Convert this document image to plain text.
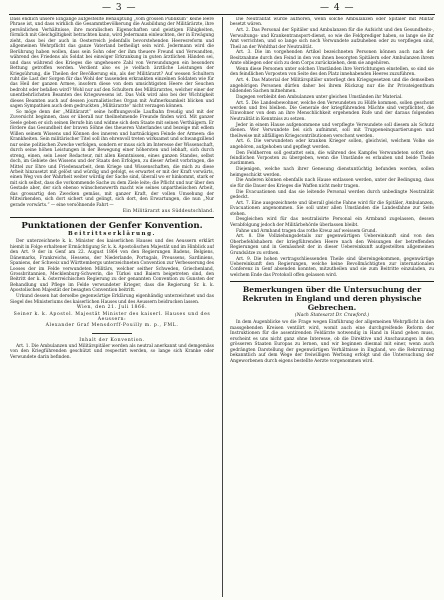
— 3 —	— 4 —

Dass endlich unsere Eingänge aufgestellte Behauptung „vom grossen Publikum“ keine leere Phrase ist, und dass wirklich die Gesammtbevölkerung die Ausbildung der Militärärzte, ihre persönlichen Verhältnisse, ihre moralischen Eigenschaften und geistigen Fähigkeiten, förmlich mit Gleichgiltigkeit betrachten kann, wird Jedermann einleuchten, der in Erwägung zieht, dass bei der auch in Oesterreich jedenfalls bevorstehenden Heeresreform und allgemeinen Wehrpflicht das ganze Vaterland betheiligt sein wird. Jedermann wird die Berührung haben wollen, dass sein Sohn oder der ihm theuere Freund und Verwandten, während des Friedens als Soldat bei einwiger Erkrankung in guten ärztlichen Händen sei, und dass während des Krieges die ungeheuere Zahl von Verwundungen ein besonders Bettung getroffen werden. Verdient also es je vielfach ärztliche Leistungen der Kriegsührung, die Theilen der Bevölkerung ein, als der Militärarzt? Auf wessen Schultern ruht die Last der Sorgen für das Wohl der tausenden erkrankten einzelnen Soldaten wie für das Heil der ganzen Armee, insofern diese von dem umsichtigsten Heere der Seuchen bedroht oder befallen wird? Wohl nur auf den Schultern des Militärarztes, welcher einer der unentbehrlichsten Beamten des Kriegswesens ist. Das Volk wird also bei der Wichtigkeit dieses Beamten auch auf dessen journalistisches Organ mit Aufmerksamkeit blicken und sagen Sympathien auch dem gedruckten „Militärarzte“ nicht verzagen können.

So möge denn der „Militärarzt“ seine hoffnungsvolle Laufbahn freudig und mit der Zuversicht beginnen, dass er überall nur theilnehmende Freunde finden wird. Mit ganzer Seele geben er sich seinen Berufe hin und widme sich dem Staate mit seinen Verthäigern. Er fördere das Gesundheit der braven Söhne des theueren Vaterlandes und bezeige mit edlem Willen seinem Wissens und Können des inneren und hartnäckigen Feinde der Armeen: die Krankheiten. Sein militärischer Titel soll ihn ehrenvoll treten wirksamst und schwangzillend nur seine politischen Zwecke verfolgen, sondern er muss sich im Interesse der Wissenschaft, durch seine höhen Leistungen in der Bewegung einer höhersten und lebhaft, sich durch streng, einen, sein Leser Redacteur, mit allen Kenntnissen, eines ganzen Standes, selbst doch, im Gebiete des Wissens und der Staats den Erfolgen, zu dieser Arbeit vorbringen, die Mittel zur Ehre und Friedensarbeit, dem Kriege und Wissenschaften, die mich zu diese Arbeit hinzusetzt mit gelöst und würdig und gefolgt, es erwartet er mit der Kraft vorwärts, einen Weg von der Wahrheit weiter würdig der Sache sind, überall wo er hinkommt, stark er mit sich selbst, dass die vorkommende Sache zu dem Ziele leite; die Pflicht und nur über den Gestade aber, der sich ebenso wünschenswerth macht wie seines unpartheiischen Arbeit, das grossartig den Zwecken gemäss, mit ganzer Kraft, der vollen Umsehung der Mitwirkenden, sich dort sichert und gelingt, sich dort, den Erwartungen, die nun „Nur gerade vorwärts.“ — eine versöhnende Fahrt —

Ein Militärarzt aus Süddeutschland.

Punktationen der Genfer Konvention.
Beitrittserklärung.

Der unterzeichnete k. k. Minister des kaiserlichen Hauses und des Aeussern erklärt hiemit in Folge erhaltener Ermächtigung Sr. k. k. Apostolischen Majestät und im Hinblick auf den Art. 9 der in Genf am 22. August 1864 von den Regierungen Badens, Belgiens, Dänemarks, Frankreichs, Hessens, der Niederlande, Portugals, Preussens, Sardiniens, Spaniens, der Schweiz und Württembergs unterzeichneten Convention zur Verbesserung des Looses der im Felde verwundeten Militärs, welcher seither Schweden, Griechenland, Grossbritannien, Mecklenburg-Schwerin, die Türkei und Baiern beigetreten sind, den Beitritt der k. k. österreichischen Regierung zu der genannten Convention zu Gunsten der Behandlung und Pflege im Felde verwundeter Krieger, dass die Regierung Sr. k. k. Apostolischen Majestät der besagten Convention beitritt.

Urkund dessen hat derselbe gegenwärtige Erklärung eigenhändig unterzeichnet und das Siegel des Ministeriums des kaiserlichen Hauses und des Aeussern beidrucken lassen.

Wien, den 21. Juli 1866.

Seiner k. k. Apostol. Majestät Minister des kaiserl. Hauses und des Aeussern:

Alexander Graf Mensdorff-Pouilly m. p., FML.

Inhalt der Konvention.

Art. 1. Die Ambulanzen und Militärspitäler werden als neutral anerkannt und demgemäss von den Kriegführenden geschützt und respectirt werden, so lange sich Kranke oder Verwundete darin befinden.

Die Neutralität würde aufhören, wenn solche Ambulanzen oder Spitäler mit Militär besetzt wären.

Art. 2. Das Personal der Spitäler und Ambulanzen für die Aufsicht und den Gesundheits-, Verwaltungs- und Krankentransport-dienst, so wie die Feldprediger haben, so lange sie ihr Amt verrichten, und so lange sich noch Verwundete aufzuheben oder zu verpflegen sind, Theil an der Wohlthat der Neutralität.

Art. 3. Die im vorgehenden Artikel bezeichneten Personen können auch nach der Besitznahme durch den Feind in den von ihnen besorgten Spitälern oder Ambulanzen ihrem Amte obliegen oder sich zu dem Corps zurückziehen, dem sie angehören.

Wenn diese Personen unter solchen Umständen ihre Verrichtungen einstellen, so sind sie den feindlichen Vorposten von Seite des den Platz innehabenden Heeres zuzuführen.

Art. 4. Das Material der Militärspitäler unterliegt den Kriegsgesetzen und die demselben angehörigen Personen dürfen daher bei ihrem Rückzug nur die ihr Privateigenthum bildenden Sachen mitnehmen.

Dagegen verbleibt den Ambulanzen unter gleichen Umständen ihr Material.

Art. 5. Die Landesbewohner, welche den Verwundeten zu Hülfe kommen, sollen geschont werden und frei bleiben. Die Generale der kriegführenden Mächte sind verpflichtet, die Einwohner von dem an ihre Menschlichkeit ergehenden Rufe und der daraus folgenden Neutralität in Kenntniss zu setzen.

Jeder in einem Hause aufgenommene und verpflegte Verwundete soll diesem als Schutz dienen. Wer Verwundete bei sich aufnimmt, soll mit Truppeneinquartierungen und theilweise mit allfälligen Kriegscontributionen verschont werden.

Art. 6. Die verwundeten oder kranken Krieger sollen, gleichviel, welchem Volke sie angehören, aufgehoben und gepflegt werden.

Den Feldherren soll gestattet sein, die während des Kampfes Verwundeten sofort den feindlichen Vorposten zu übergeben, wenn die Umstände es erlauben und beide Theile zustimmen.

Diejenigen, welche nach ihrer Genesung dienstuntüchtig befunden werden, sollen heimgeschickt werden.

Die Anderen können ebenfalls nach Hause entlassen werden, unter der Bedingung, dass sie für die Dauer des Krieges die Waffen nicht mehr tragen.

Die Evacuationen und das sie leitende Personal werden durch unbedingte Neutralität gedeckt.

Art. 7. Eine ausgezeichnete und überall gleiche Fahne wird für die Spitäler, Ambulanzen, Evacuationen angenommen. Sie soll unter allen Umständen die Landesfahne zur Seite stehen.

Desgleichen wird für das neutralisirte Personal ein Armband zugelassen, dessen Verabfolgung jedoch der Militärbehörde überlassen bleibt.

Fahne und Armband tragen das rothe Kreuz auf weissem Grund.

Art. 8. Die Vollziehungsdetails zur gegenwärtigen Uebereinkunft sind von den Oberbefehlshabern der kriegführenden Heere nach den Weisungen der betreffenden Regierungen und in Gemässheit der in dieser Uebereinkunft aufgestellten allgemeinen Grundsätze zu ordnen.

Art. 9. Die hohen vertragschliessenden Theile sind übereingekommen, gegenwärtige Uebereinkunft den Regierungen, welche keine Bevollmächtigten zur internationalen Conferenz in Genf absenden konnten, mitzutheilen und sie zum Beitritte einzuladen, zu welchem Ende das Protokoll offen gelassen wird.

Bemerkungen über die Untersuchung der Rekruten in England und deren physische Gebrechen.
(Nach Statesarzt Dr. Crawford.)

In dem Augenblicke wo die Frage wegen Einführung der allgemeinen Wehrpflicht in den massgebenden Kreisen ventilirt wird, womit auch eine durchgreifende Reform der Instruktionen für die assentirenden Feldärzte notwendig in Hand in Hand gehen muss, erscheint es uns nicht ganz ohne Interesse, ob die Direktive und Anschauungen in den grösseren Staaten Europas zu lernen, und wir beginnen diesmal mit einer, wenn auch gedrängten Darstellung der gegenwärtigen Verhältnisse in England, wo die Rekrutirung bekanntlich auf dem Wege der freiwilligen Werbung erfolgt und die Untersuchung der Angeworbenen durch eigens bestellte Aerzte vorgenommen wird.
